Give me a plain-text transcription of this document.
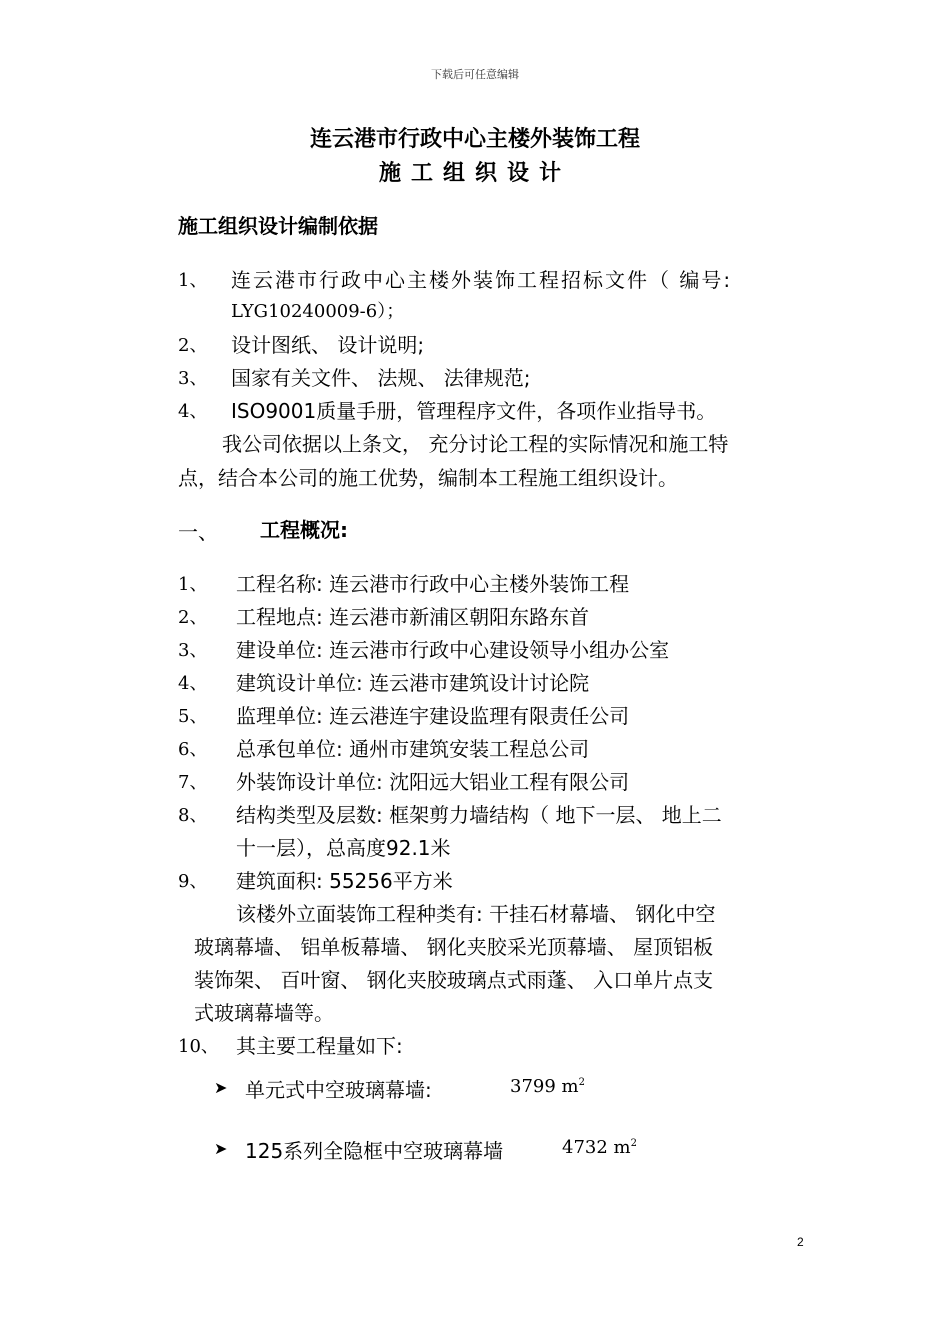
下载后可任意编辑
连云港市行政中心主楼外装饰工程
施工组织设计
施工组织设计编制依据
1、 连云港市行政中心主楼外装饰工程招标文件（ 编号:
LYG10240009-6）；
2、 设计图纸、 设计说明;
3、 国家有关文件、 法规、 法律规范;
4、 ISO9001质量手册，管理程序文件，各项作业指导书。
我公司依据以上条文， 充分讨论工程的实际情况和施工特
点，结合本公司的施工优势，编制本工程施工组织设计。
一、 工程概况:
1、 工程名称: 连云港市行政中心主楼外装饰工程
2、 工程地点: 连云港市新浦区朝阳东路东首
3、 建设单位: 连云港市行政中心建设领导小组办公室
4、 建筑设计单位: 连云港市建筑设计讨论院
5、 监理单位: 连云港连宇建设监理有限责任公司
6、 总承包单位: 通州市建筑安装工程总公司
7、 外装饰设计单位: 沈阳远大铝业工程有限公司
8、 结构类型及层数: 框架剪力墙结构（ 地下一层、 地上二
十一层），总高度92.1米
9、 建筑面积: 55256平方米
该楼外立面装饰工程种类有: 干挂石材幕墙、 钢化中空
玻璃幕墙、 铝单板幕墙、 钢化夹胶采光顶幕墙、 屋顶铝板
装饰架、 百叶窗、 钢化夹胶玻璃点式雨蓬、 入口单片点支
式玻璃幕墙等。
10、 其主要工程量如下:
➤ 单元式中空玻璃幕墙:	3799 $m^2$
➤ 125系列全隐框中空玻璃幕墙	4732 $m^2$
2
